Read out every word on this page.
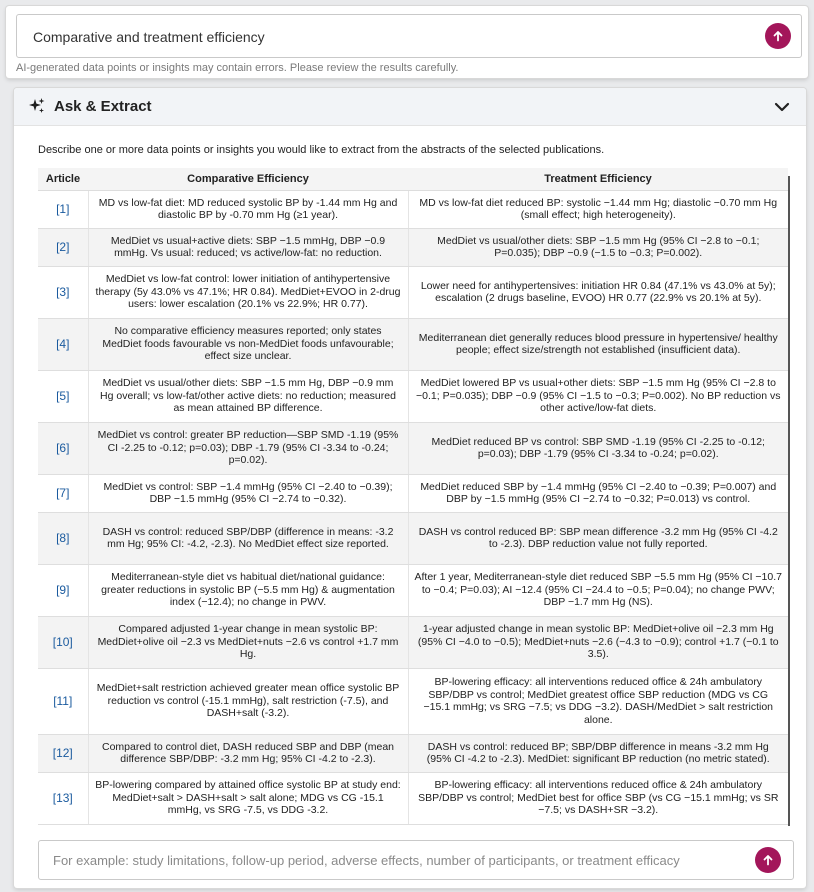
Comparative and treatment efficiency
AI-generated data points or insights may contain errors. Please review the results carefully.
Ask & Extract
Describe one or more data points or insights you would like to extract from the abstracts of the selected publications.
Article	Comparative Efficiency	Treatment Efficiency
[1]	MD vs low-fat diet: MD reduced systolic BP by -1.44 mm Hg and diastolic BP by -0.70 mm Hg (≥1 year).	MD vs low-fat diet reduced BP: systolic −1.44 mm Hg; diastolic −0.70 mm Hg (small effect; high heterogeneity).
[2]	MedDiet vs usual+active diets: SBP −1.5 mmHg, DBP −0.9 mmHg. Vs usual: reduced; vs active/low-fat: no reduction.	MedDiet vs usual/other diets: SBP −1.5 mm Hg (95% CI −2.8 to −0.1; P=0.035); DBP −0.9 (−1.5 to −0.3; P=0.002).
[3]	MedDiet vs low-fat control: lower initiation of antihypertensive therapy (5y 43.0% vs 47.1%; HR 0.84). MedDiet+EVOO in 2-drug users: lower escalation (20.1% vs 22.9%; HR 0.77).	Lower need for antihypertensives: initiation HR 0.84 (47.1% vs 43.0% at 5y); escalation (2 drugs baseline, EVOO) HR 0.77 (22.9% vs 20.1% at 5y).
[4]	No comparative efficiency measures reported; only states MedDiet foods favourable vs non-MedDiet foods unfavourable; effect size unclear.	Mediterranean diet generally reduces blood pressure in hypertensive/ healthy people; effect size/strength not established (insufficient data).
[5]	MedDiet vs usual/other diets: SBP −1.5 mm Hg, DBP −0.9 mm Hg overall; vs low-fat/other active diets: no reduction; measured as mean attained BP difference.	MedDiet lowered BP vs usual+other diets: SBP −1.5 mm Hg (95% CI −2.8 to −0.1; P=0.035); DBP −0.9 (95% CI −1.5 to −0.3; P=0.002). No BP reduction vs other active/low-fat diets.
[6]	MedDiet vs control: greater BP reduction—SBP SMD -1.19 (95% CI -2.25 to -0.12; p=0.03); DBP -1.79 (95% CI -3.34 to -0.24; p=0.02).	MedDiet reduced BP vs control: SBP SMD -1.19 (95% CI -2.25 to -0.12; p=0.03); DBP -1.79 (95% CI -3.34 to -0.24; p=0.02).
[7]	MedDiet vs control: SBP −1.4 mmHg (95% CI −2.40 to −0.39); DBP −1.5 mmHg (95% CI −2.74 to −0.32).	MedDiet reduced SBP by −1.4 mmHg (95% CI −2.40 to −0.39; P=0.007) and DBP by −1.5 mmHg (95% CI −2.74 to −0.32; P=0.013) vs control.
[8]	DASH vs control: reduced SBP/DBP (difference in means: -3.2 mm Hg; 95% CI: -4.2, -2.3). No MedDiet effect size reported.	DASH vs control reduced BP: SBP mean difference -3.2 mm Hg (95% CI -4.2 to -2.3). DBP reduction value not fully reported.
[9]	Mediterranean-style diet vs habitual diet/national guidance: greater reductions in systolic BP (−5.5 mm Hg) & augmentation index (−12.4); no change in PWV.	After 1 year, Mediterranean-style diet reduced SBP −5.5 mm Hg (95% CI −10.7 to −0.4; P=0.03); AI −12.4 (95% CI −24.4 to −0.5; P=0.04); no change PWV; DBP −1.7 mm Hg (NS).
[10]	Compared adjusted 1-year change in mean systolic BP: MedDiet+olive oil −2.3 vs MedDiet+nuts −2.6 vs control +1.7 mm Hg.	1-year adjusted change in mean systolic BP: MedDiet+olive oil −2.3 mm Hg (95% CI −4.0 to −0.5); MedDiet+nuts −2.6 (−4.3 to −0.9); control +1.7 (−0.1 to 3.5).
[11]	MedDiet+salt restriction achieved greater mean office systolic BP reduction vs control (-15.1 mmHg), salt restriction (-7.5), and DASH+salt (-3.2).	BP-lowering efficacy: all interventions reduced office & 24h ambulatory SBP/DBP vs control; MedDiet greatest office SBP reduction (MDG vs CG −15.1 mmHg; vs SRG −7.5; vs DDG −3.2). DASH/MedDiet > salt restriction alone.
[12]	Compared to control diet, DASH reduced SBP and DBP (mean difference SBP/DBP: -3.2 mm Hg; 95% CI -4.2 to -2.3).	DASH vs control: reduced BP; SBP/DBP difference in means -3.2 mm Hg (95% CI -4.2 to -2.3). MedDiet: significant BP reduction (no metric stated).
[13]	BP-lowering compared by attained office systolic BP at study end: MedDiet+salt > DASH+salt > salt alone; MDG vs CG -15.1 mmHg, vs SRG -7.5, vs DDG -3.2.	BP-lowering efficacy: all interventions reduced office & 24h ambulatory SBP/DBP vs control; MedDiet best for office SBP (vs CG −15.1 mmHg; vs SR −7.5; vs DASH+SR −3.2).
For example: study limitations, follow-up period, adverse effects, number of participants, or treatment efficacy
